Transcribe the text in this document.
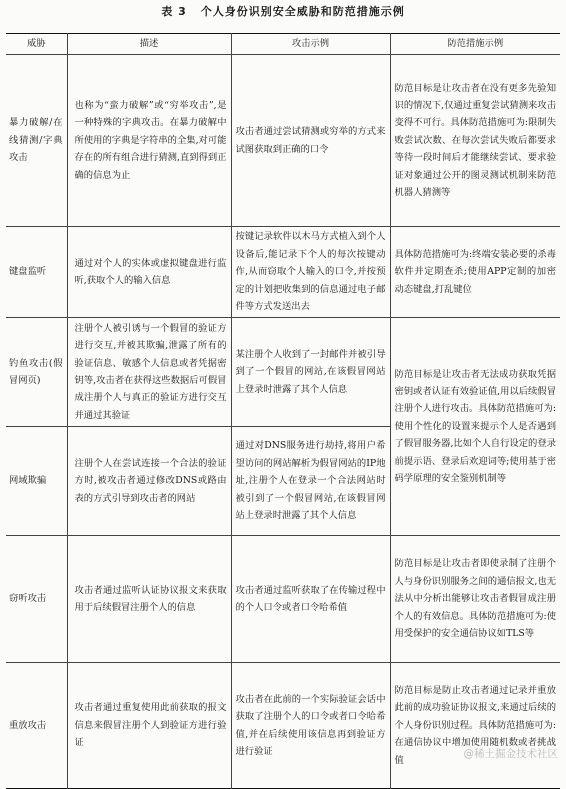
表 3 个人身份识别安全威胁和防范措施示例
威胁	描述	攻击示例	防范措施示例
暴力破解/在线猜测/字典攻击	也称为“蛮力破解”或“穷举攻击”,是一种特殊的字典攻击。在暴力破解中所使用的字典是字符串的全集,对可能存在的所有组合进行猜测,直到得到正确的信息为止	攻击者通过尝试猜测或穷举的方式来试图获取到正确的口令	防范目标是让攻击者在没有更多先验知识的情况下,仅通过重复尝试猜测来攻击变得不可行。具体防范措施可为:限制失败尝试次数、在每次尝试失败后都要求等待一段时间后才能继续尝试、要求验证对象通过公开的图灵测试机制来防范机器人猜测等
键盘监听	通过对个人的实体或虚拟键盘进行监听,获取个人的输入信息	按键记录软件以木马方式植入到个人设备后,能记录下个人的每次按键动作,从而窃取个人输入的口令,并按预定的计划把收集到的信息通过电子邮件等方式发送出去	具体防范措施可为:终端安装必要的杀毒软件并定期查杀;使用APP定制的加密动态键盘,打乱键位
钓鱼攻击(假冒网页)	注册个人被引诱与一个假冒的验证方进行交互,并被其欺骗,泄露了所有的验证信息、敏感个人信息或者凭据密钥等,攻击者在获得这些数据后可假冒成注册个人与真正的验证方进行交互并通过其验证	某注册个人收到了一封邮件并被引导到了一个假冒的网站,在该假冒网站上登录时泄露了其个人信息	防范目标是让攻击者无法成功获取凭据密钥或者认证有效验证值,用以后续假冒注册个人进行攻击。具体防范措施可为:使用个性化的设置来提示个人是否遇到了假冒服务器,比如个人自行设定的登录前提示语、登录后欢迎词等;使用基于密码学原理的安全鉴别机制等
网域欺骗	注册个人在尝试连接一个合法的验证方时,被攻击者通过修改DNS或路由表的方式引导到攻击者的网站	通过对DNS服务进行劫持,将用户希望访问的网站解析为假冒网站的IP地址,注册个人在登录一个合法网站时被引到了一个假冒网站,在该假冒网站上登录时泄露了其个人信息	
窃听攻击	攻击者通过监听认证协议报文来获取用于后续假冒注册个人的信息	攻击者通过监听获取了在传输过程中的个人口令或者口令哈希值	防范目标是让攻击者即使录制了注册个人与身份识别服务之间的通信报文,也无法从中分析出能够让攻击者假冒成注册个人的有效信息。具体防范措施可为:使用受保护的安全通信协议如TLS等
重放攻击	攻击者通过重复使用此前获取的报文信息来假冒注册个人到验证方进行验证	攻击者在此前的一个实际验证会话中获取了注册个人的口令或者口令哈希值,并在后续使用该信息再到验证方进行验证	防范目标是防止攻击者通过记录并重放此前的成功验证协议报文,来通过后续的个人身份识别过程。具体防范措施可为:在通信协议中增加使用随机数或者挑战值
@稀土掘金技术社区
